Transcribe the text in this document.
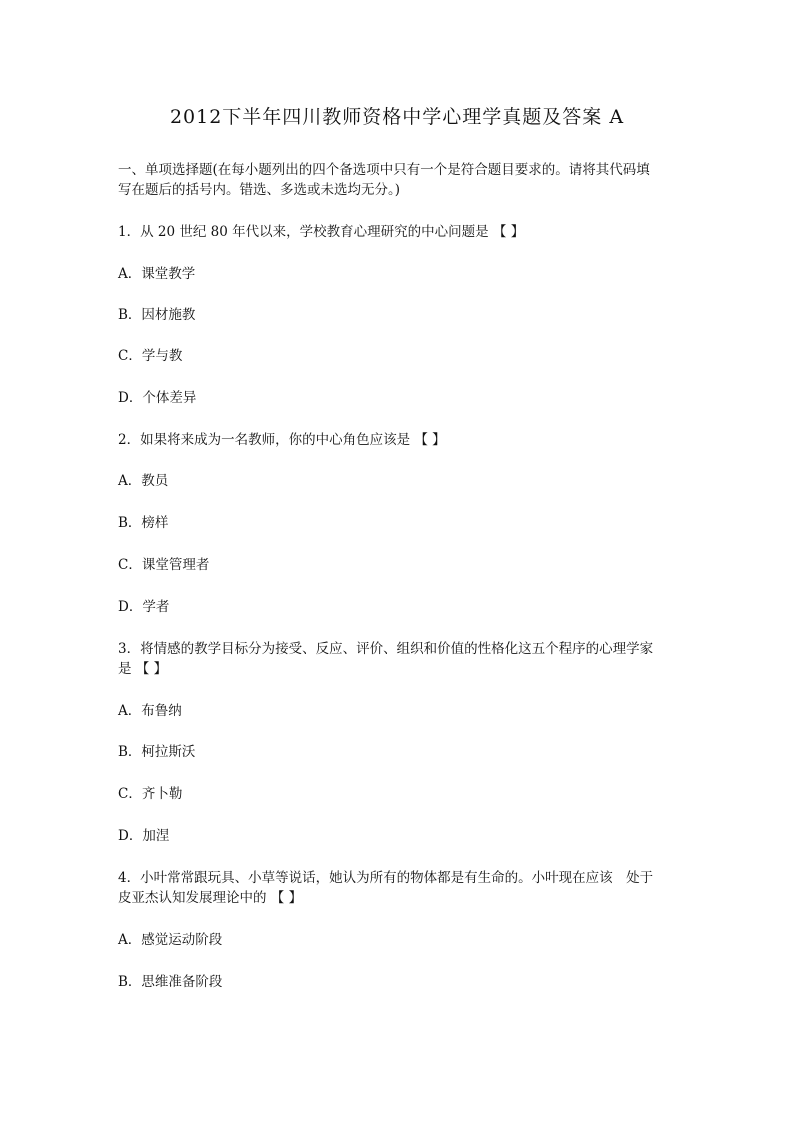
2012下半年四川教师资格中学心理学真题及答案 A
一、单项选择题(在每小题列出的四个备选项中只有一个是符合题目要求的。请将其代码填
写在题后的括号内。错选、多选或未选均无分。)
1．从 20 世纪 80 年代以来，学校教育心理研究的中心问题是 【 】
A．课堂教学
B．因材施教
C．学与教
D．个体差异
2．如果将来成为一名教师，你的中心角色应该是 【 】
A．教员
B．榜样
C．课堂管理者
D．学者
3．将情感的教学目标分为接受、反应、评价、组织和价值的性格化这五个程序的心理学家
是 【 】
A．布鲁纳
B．柯拉斯沃
C．齐卜勒
D．加涅
4．小叶常常跟玩具、小草等说话，她认为所有的物体都是有生命的。小叶现在应该　处于
皮亚杰认知发展理论中的 【 】
A．感觉运动阶段
B．思维准备阶段
